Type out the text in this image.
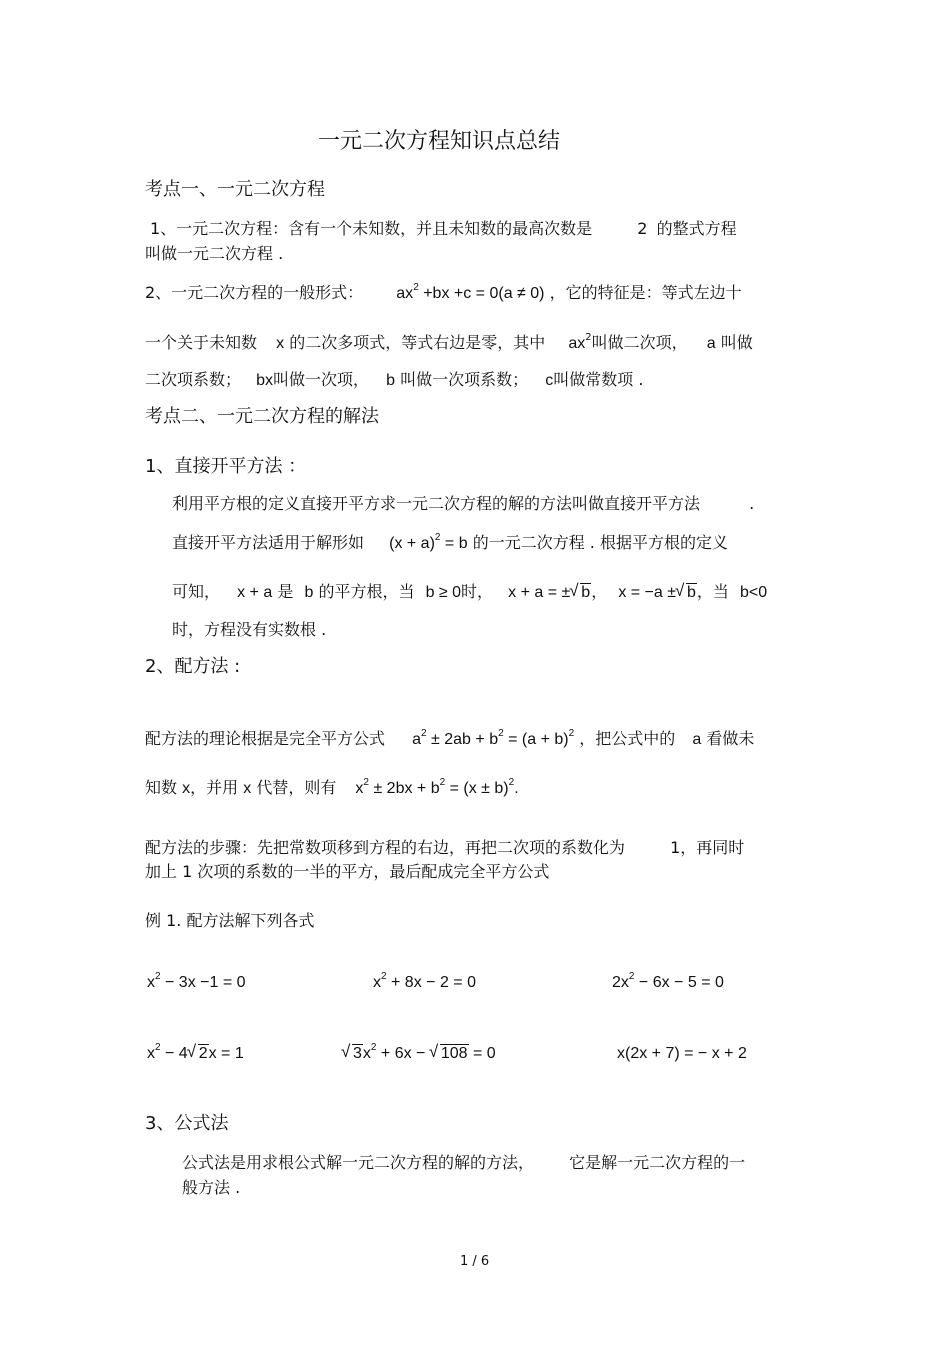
一元二次方程知识点总结
考点一、一元二次方程
1、一元二次方程：含有一个未知数，并且未知数的最高次数是	2 的整式方程
叫做一元二次方程 .
2、一元二次方程的一般形式： $ax^2 +bx +c = 0(a \ne 0)$ ，它的特征是：等式左边十
一个关于未知数 x 的二次多项式，等式右边是零，其中 $ax^2$叫做二次项， a 叫做
二次项系数； bx叫做一次项， b 叫做一次项系数； c叫做常数项 .
考点二、一元二次方程的解法
1、直接开平方法 ：
利用平方根的定义直接开平方求一元二次方程的解的方法叫做直接开平方法	.
直接开平方法适用于解形如 $(x + a)^2 = b$ 的一元二次方程 . 根据平方根的定义
可知， x + a 是 b 的平方根，当 b ≥ 0时， x + a = ±√ b， x = −a ±√ b，当 b<0
时，方程没有实数根 .
2、配方法 :
配方法的理论根据是完全平方公式 $a^2 \pm 2ab + b^2 = (a + b)^2$ ，把公式中的 a 看做未
知数 x，并用 x 代替，则有 $x^2 \pm 2bx + b^2 = (x \pm b)^2$.
配方法的步骤：先把常数项移到方程的右边，再把二次项的系数化为	1，再同时
加上 1 次项的系数的一半的平方，最后配成完全平方公式
例 1. 配方法解下列各式
$x^2 - 3x -1 = 0$	$x^2 + 8x - 2 = 0$	$2x^2 - 6x - 5 = 0$
$x^2 - 4√$ 2x = 1
√	$3x^2 + 6x$ − √ 108 = 0	x(2x + 7) = − x + 2
3、公式法
公式法是用求根公式解一元二次方程的解的方法， 它是解一元二次方程的一
般方法 .
1 / 6
